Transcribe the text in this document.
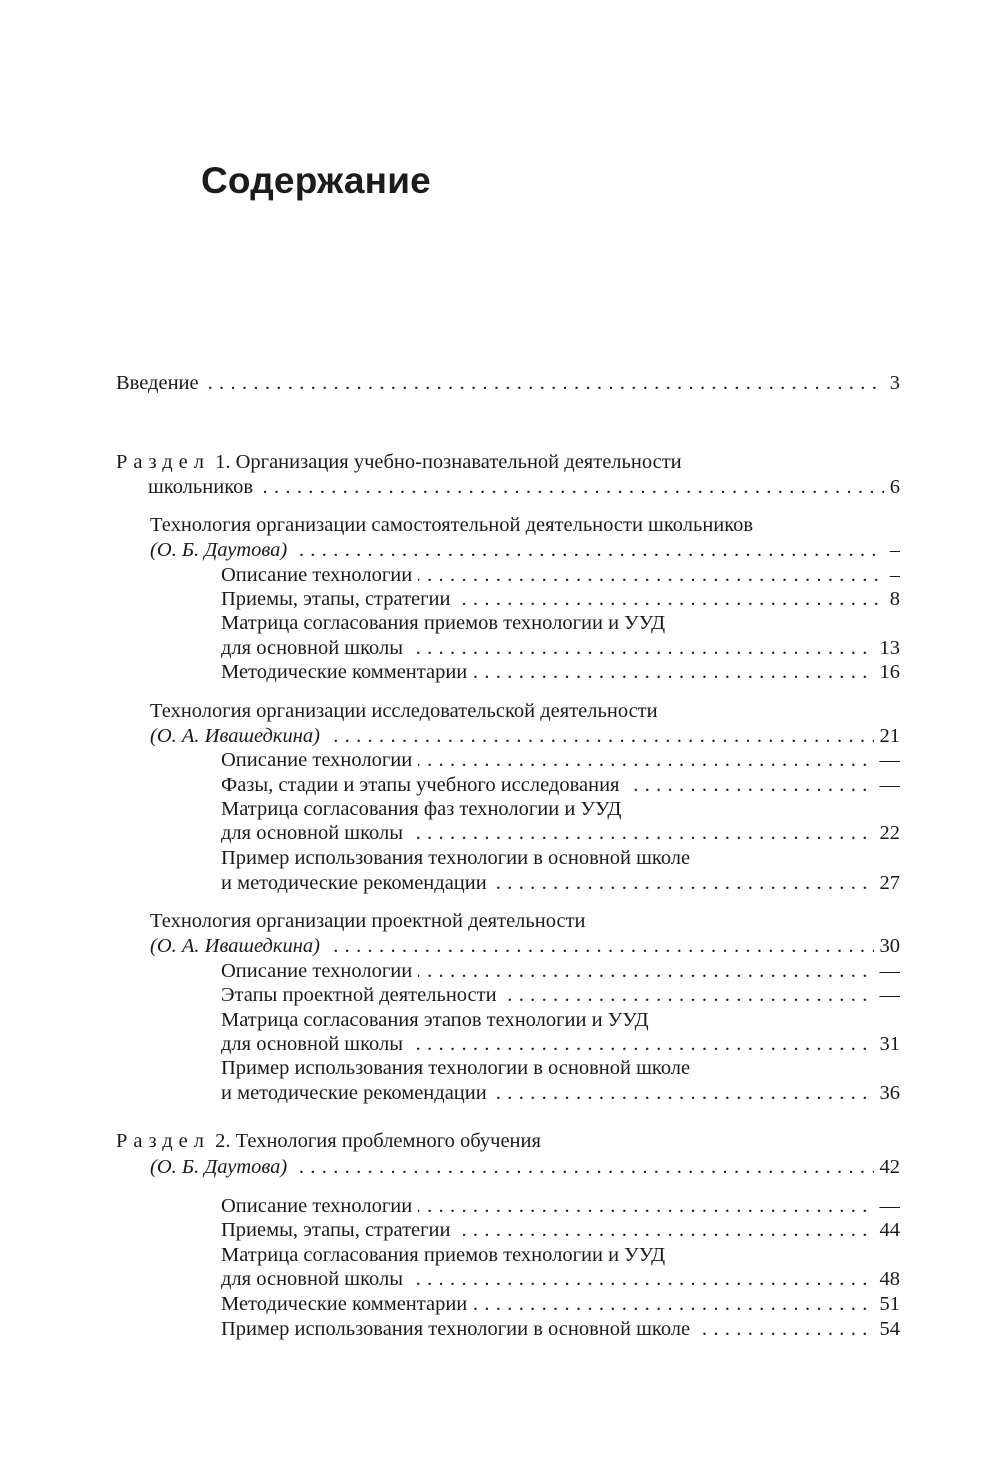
Содержание
. . . Введение	3
Раздел 1. Организация учебно-познавательной деятельности
. . . школьников	6
Технология организации самостоятельной деятельности школьников
. . . (О. Б. Даутова)	–
. . . Описание технологии	–
. . . Приемы, этапы, стратегии	8
Матрица согласования приемов технологии и УУД
. . . для основной школы	13
. . . Методические комментарии	16
Технология организации исследовательской деятельности
. . . (О. А. Ивашедкина)	21
. . . Описание технологии	—
. . . Фазы, стадии и этапы учебного исследования	—
Матрица согласования фаз технологии и УУД
. . . для основной школы	22
Пример использования технологии в основной школе
. . . и методические рекомендации	27
Технология организации проектной деятельности
. . . (О. А. Ивашедкина)	30
. . . Описание технологии	—
. . . Этапы проектной деятельности	—
Матрица согласования этапов технологии и УУД
. . . для основной школы	31
Пример использования технологии в основной школе
. . . и методические рекомендации	36
Раздел 2. Технология проблемного обучения
. . . (О. Б. Даутова)	42
. . . Описание технологии	—
. . . Приемы, этапы, стратегии	44
Матрица согласования приемов технологии и УУД
. . . для основной школы	48
. . . Методические комментарии	51
. . . Пример использования технологии в основной школе	54
